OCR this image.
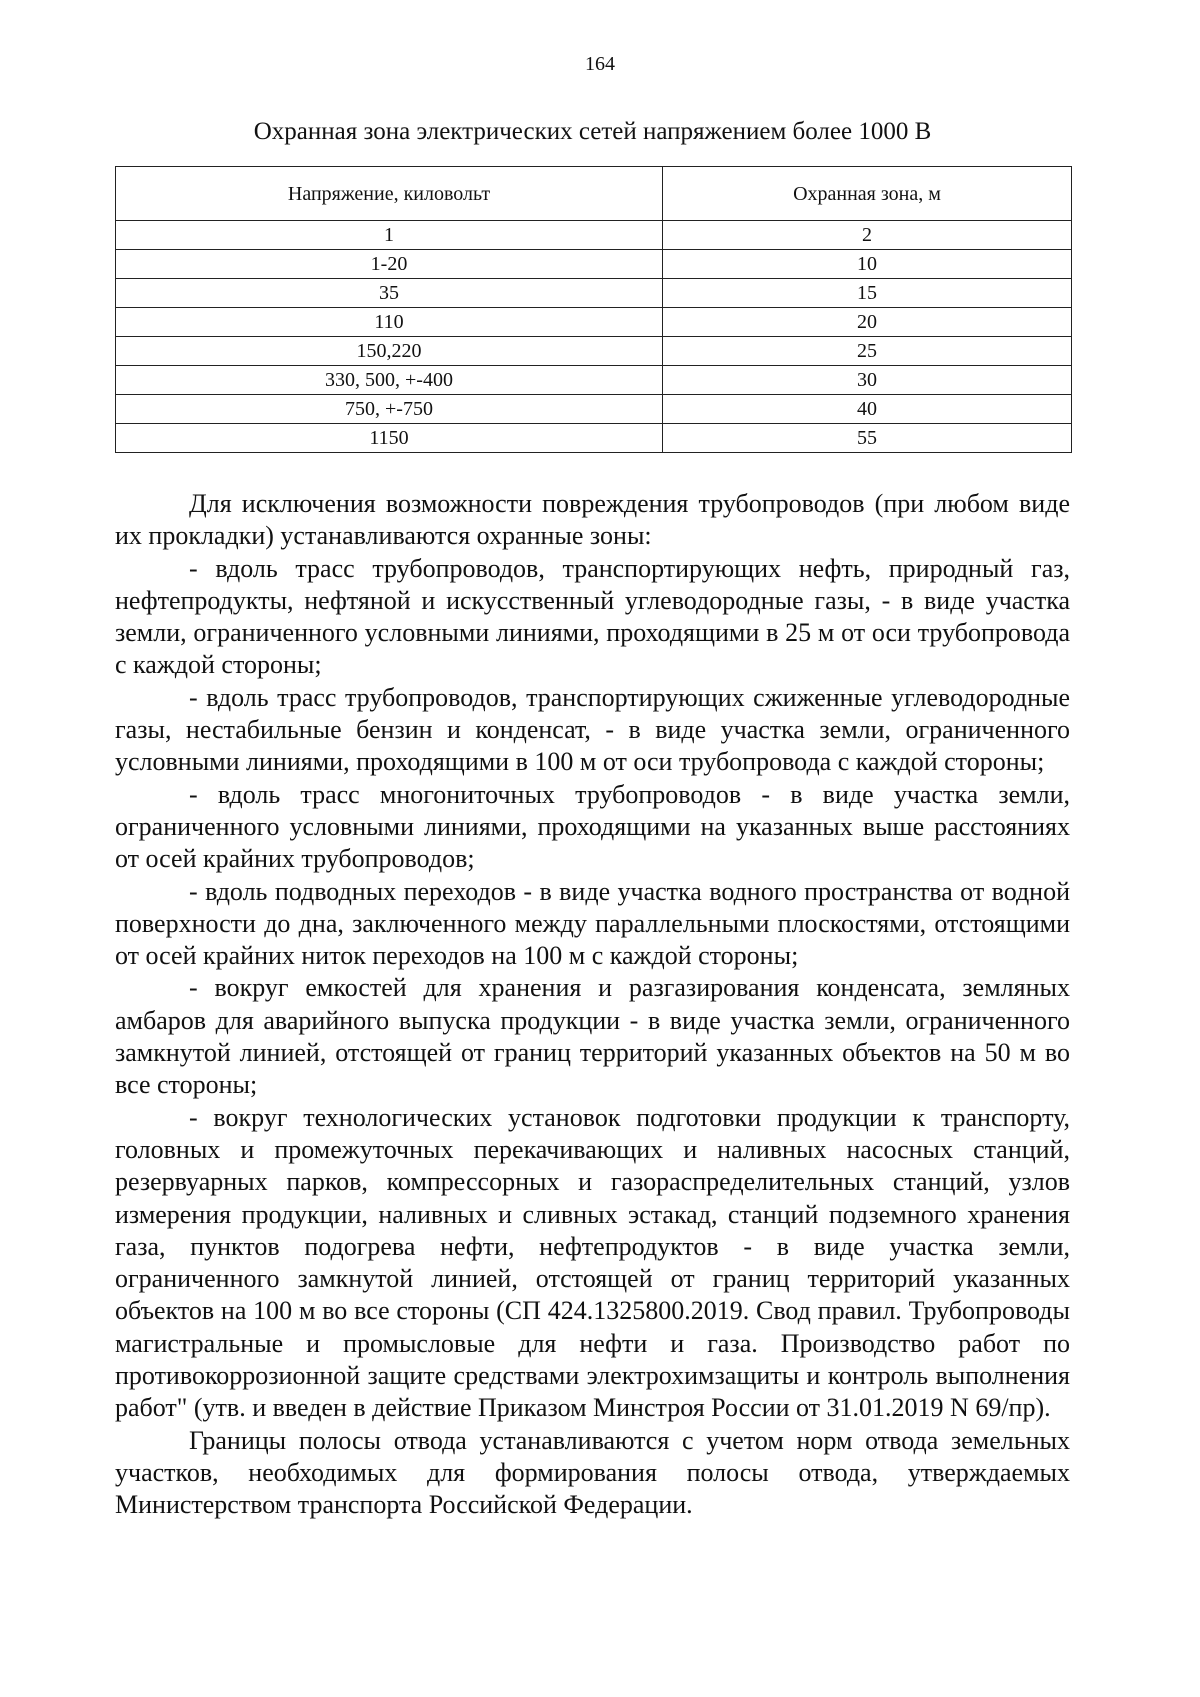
164
Охранная зона электрических сетей напряжением более 1000 В
Напряжение, киловольт	Охранная зона, м
1	2
1-20	10
35	15
110	20
150,220	25
330, 500, +-400	30
750, +-750	40
1150	55

Для исключения возможности повреждения трубопроводов (при любом виде их прокладки) устанавливаются охранные зоны:

- вдоль трасс трубопроводов, транспортирующих нефть, природный газ, нефтепродукты, нефтяной и искусственный углеводородные газы, - в виде участка земли, ограниченного условными линиями, проходящими в 25 м от оси трубопровода с каждой стороны;

- вдоль трасс трубопроводов, транспортирующих сжиженные углеводородные газы, нестабильные бензин и конденсат, - в виде участка земли, ограниченного условными линиями, проходящими в 100 м от оси трубопровода с каждой стороны;

- вдоль трасс многониточных трубопроводов - в виде участка земли, ограниченного условными линиями, проходящими на указанных выше расстояниях от осей крайних трубопроводов;

- вдоль подводных переходов - в виде участка водного пространства от водной поверхности до дна, заключенного между параллельными плоскостями, отстоящими от осей крайних ниток переходов на 100 м с каждой стороны;

- вокруг емкостей для хранения и разгазирования конденсата, земляных амбаров для аварийного выпуска продукции - в виде участка земли, ограниченного замкнутой линией, отстоящей от границ территорий указанных объектов на 50 м во все стороны;

- вокруг технологических установок подготовки продукции к транспорту, головных и промежуточных перекачивающих и наливных насосных станций, резервуарных парков, компрессорных и газораспределительных станций, узлов измерения продукции, наливных и сливных эстакад, станций подземного хранения газа, пунктов подогрева нефти, нефтепродуктов - в виде участка земли, ограниченного замкнутой линией, отстоящей от границ территорий указанных объектов на 100 м во все стороны (СП 424.1325800.2019. Свод правил. Трубопроводы магистральные и промысловые для нефти и газа. Производство работ по противокоррозионной защите средствами электрохимзащиты и контроль выполнения работ" (утв. и введен в действие Приказом Минстроя России от 31.01.2019 N 69/пр).

Границы полосы отвода устанавливаются с учетом норм отвода земельных участков, необходимых для формирования полосы отвода, утверждаемых Министерством транспорта Российской Федерации.
